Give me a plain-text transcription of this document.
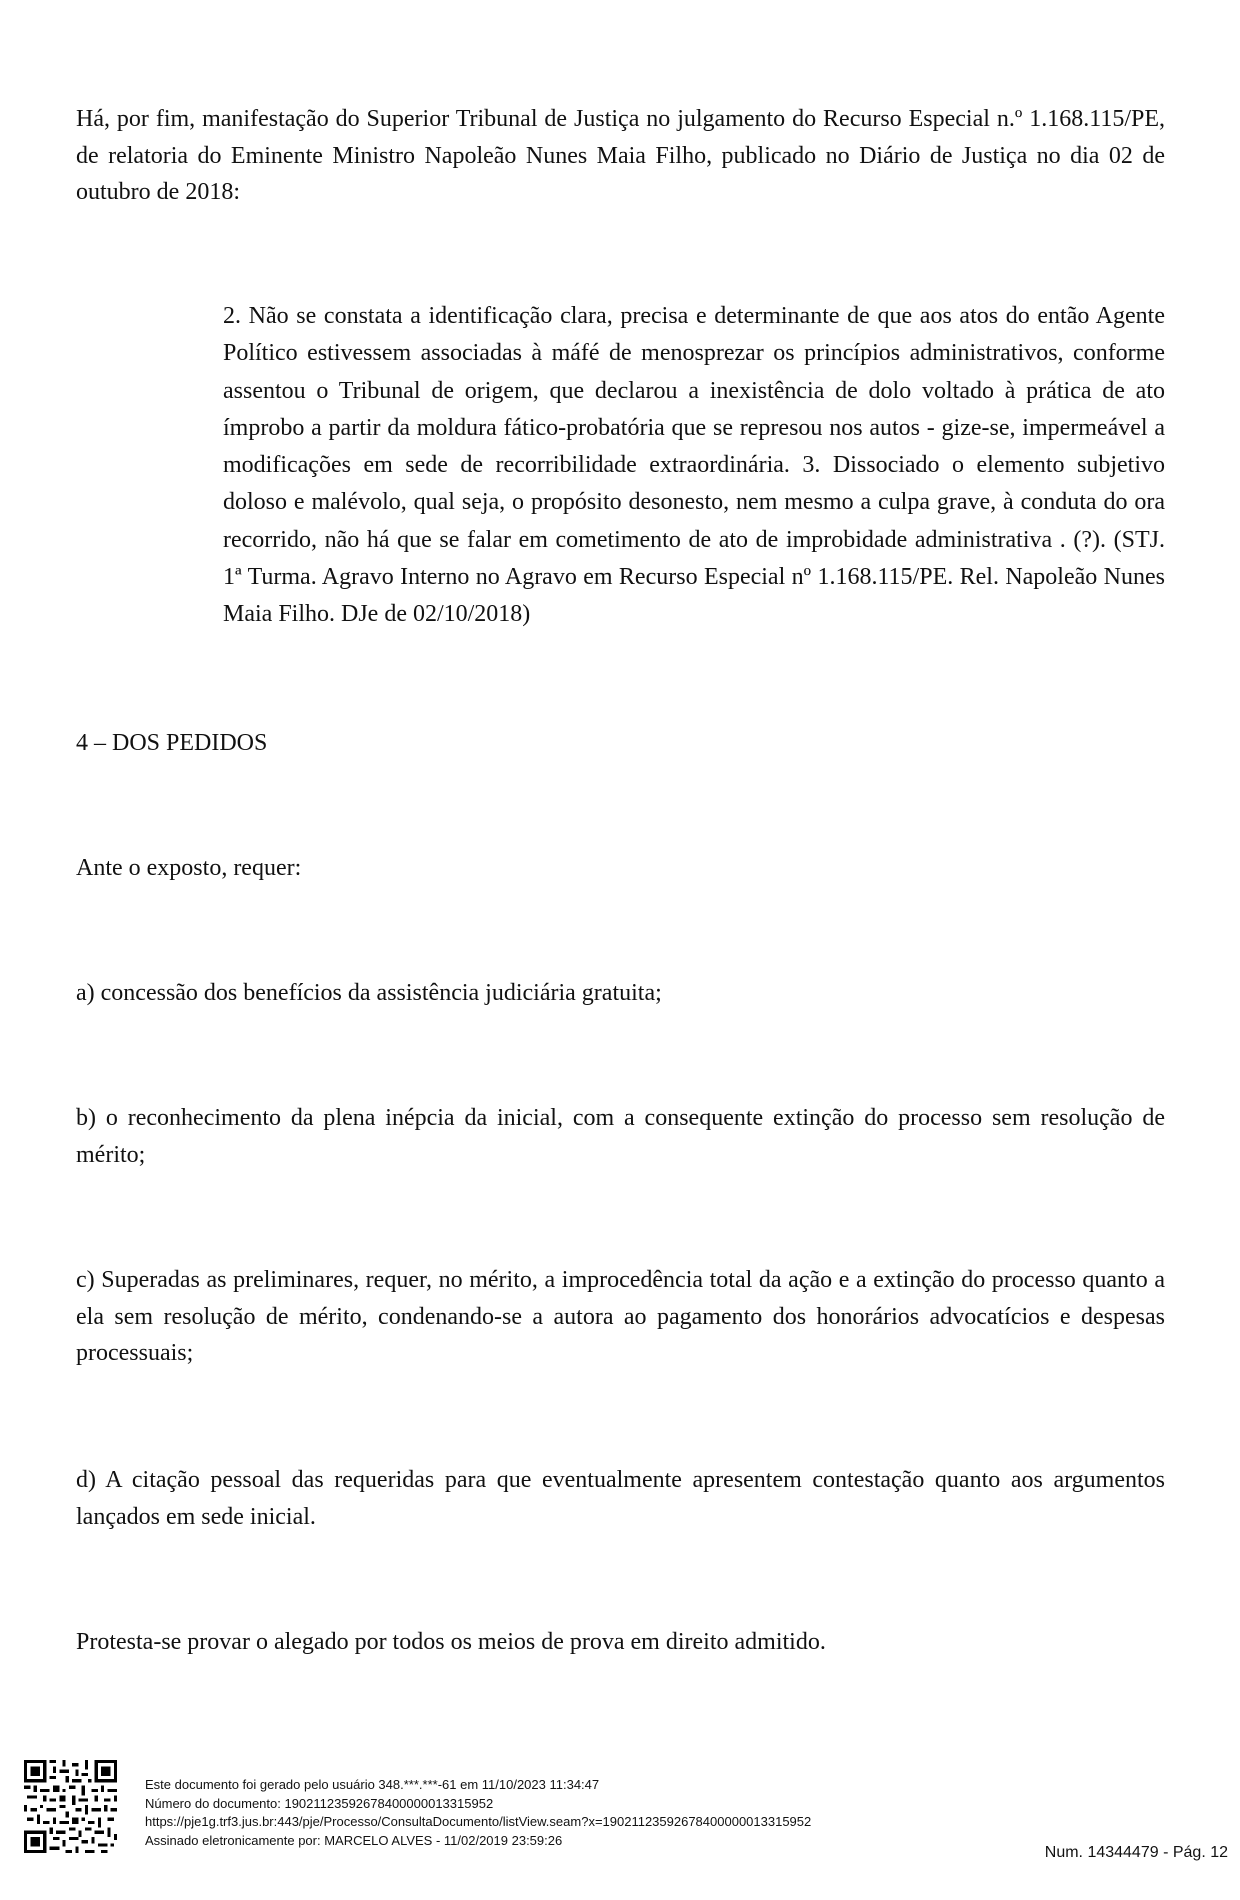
Há, por fim, manifestação do Superior Tribunal de Justiça no julgamento do Recurso Especial n.º 1.168.115/PE, de relatoria do Eminente Ministro Napoleão Nunes Maia Filho, publicado no Diário de Justiça no dia 02 de outubro de 2018:

2. Não se constata a identificação clara, precisa e determinante de que aos atos do então Agente Político estivessem associadas à máfé de menosprezar os princípios administrativos, conforme assentou o Tribunal de origem, que declarou a inexistência de dolo voltado à prática de ato ímprobo a partir da moldura fático-probatória que se represou nos autos - gize-se, impermeável a modificações em sede de recorribilidade extraordinária. 3. Dissociado o elemento subjetivo doloso e malévolo, qual seja, o propósito desonesto, nem mesmo a culpa grave, à conduta do ora recorrido, não há que se falar em cometimento de ato de improbidade administrativa . (?). (STJ. 1ª Turma. Agravo Interno no Agravo em Recurso Especial nº 1.168.115/PE. Rel. Napoleão Nunes Maia Filho. DJe de 02/10/2018)

4 – DOS PEDIDOS

Ante o exposto, requer:

a) concessão dos benefícios da assistência judiciária gratuita;

b) o reconhecimento da plena inépcia da inicial, com a consequente extinção do processo sem resolução de mérito;

c) Superadas as preliminares, requer, no mérito, a improcedência total da ação e a extinção do processo quanto a ela sem resolução de mérito, condenando-se a autora ao pagamento dos honorários advocatícios e despesas processuais;

d) A citação pessoal das requeridas para que eventualmente apresentem contestação quanto aos argumentos lançados em sede inicial.

Protesta-se provar o alegado por todos os meios de prova em direito admitido.

Este documento foi gerado pelo usuário 348.***.***-61 em 11/10/2023 11:34:47
Número do documento: 19021123592678400000013315952
https://pje1g.trf3.jus.br:443/pje/Processo/ConsultaDocumento/listView.seam?x=19021123592678400000013315952
Assinado eletronicamente por: MARCELO ALVES - 11/02/2019 23:59:26
Num. 14344479 - Pág. 12
